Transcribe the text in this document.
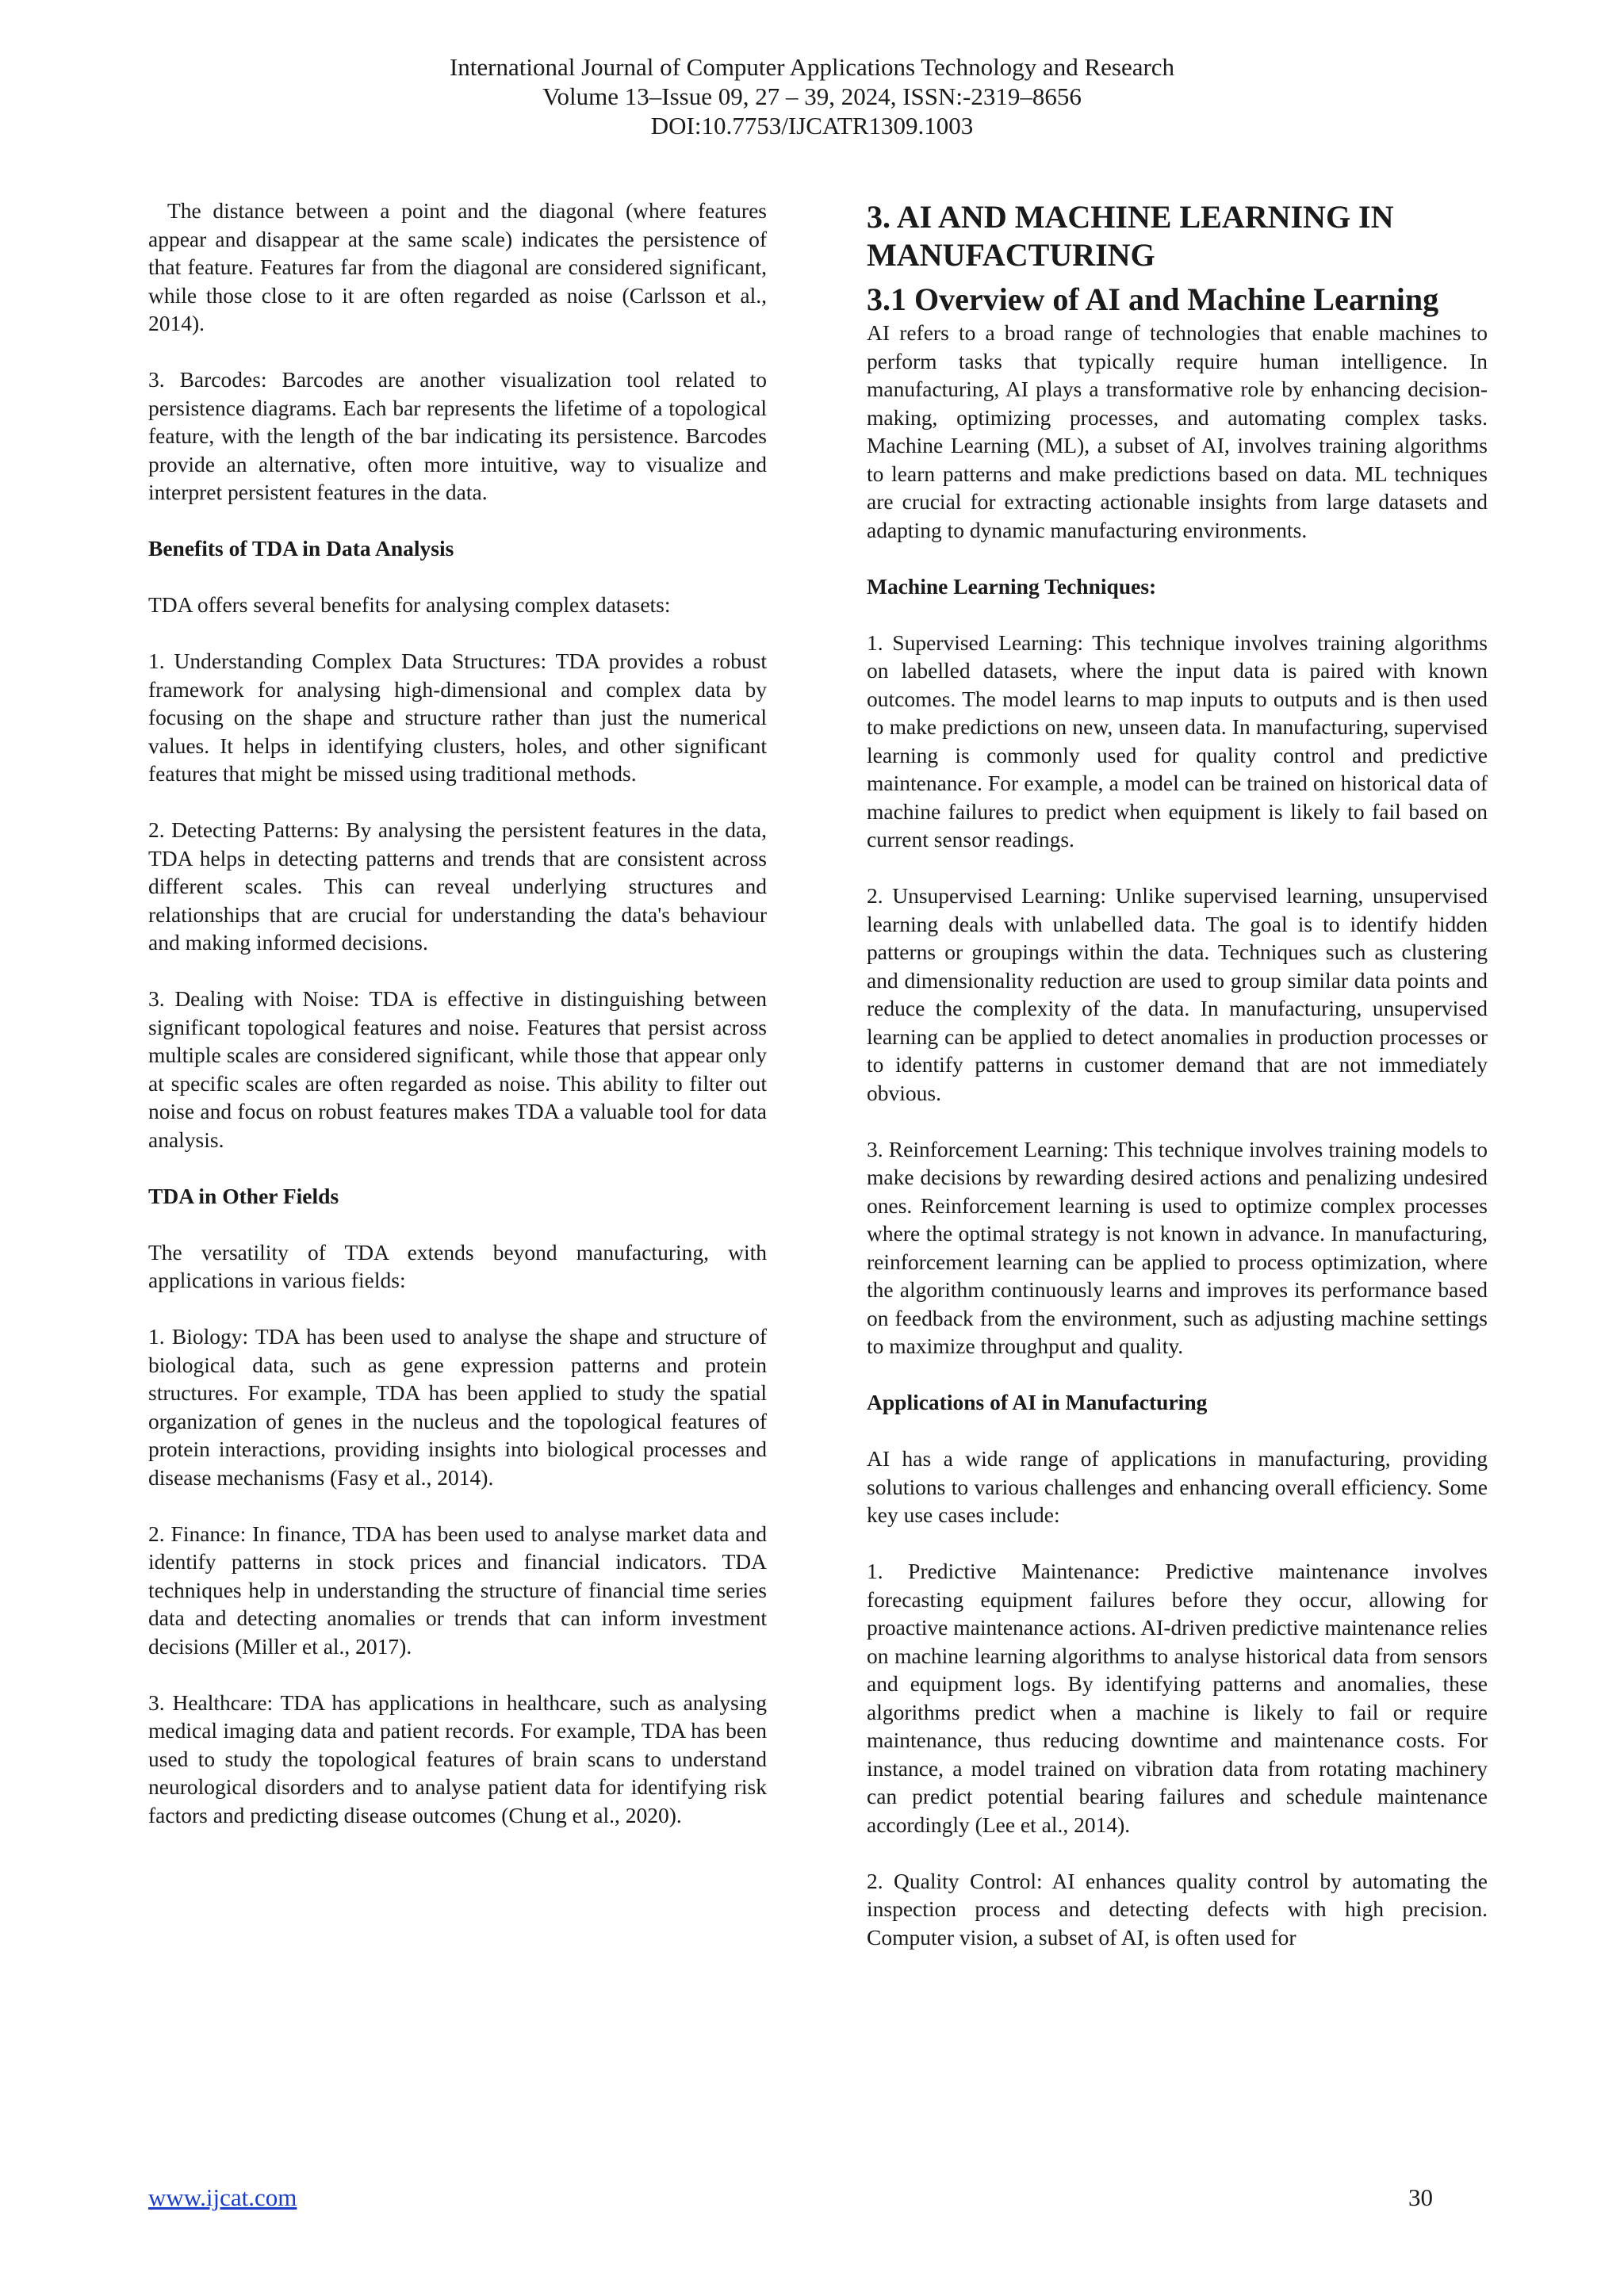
International Journal of Computer Applications Technology and Research
Volume 13–Issue 09, 27 – 39, 2024, ISSN:-2319–8656
DOI:10.7753/IJCATR1309.1003

The distance between a point and the diagonal (where features appear and disappear at the same scale) indicates the persistence of that feature. Features far from the diagonal are considered significant, while those close to it are often regarded as noise (Carlsson et al., 2014).

3. Barcodes: Barcodes are another visualization tool related to persistence diagrams. Each bar represents the lifetime of a topological feature, with the length of the bar indicating its persistence. Barcodes provide an alternative, often more intuitive, way to visualize and interpret persistent features in the data.

Benefits of TDA in Data Analysis

TDA offers several benefits for analysing complex datasets:

1. Understanding Complex Data Structures: TDA provides a robust framework for analysing high-dimensional and complex data by focusing on the shape and structure rather than just the numerical values. It helps in identifying clusters, holes, and other significant features that might be missed using traditional methods.

2. Detecting Patterns: By analysing the persistent features in the data, TDA helps in detecting patterns and trends that are consistent across different scales. This can reveal underlying structures and relationships that are crucial for understanding the data's behaviour and making informed decisions.

3. Dealing with Noise: TDA is effective in distinguishing between significant topological features and noise. Features that persist across multiple scales are considered significant, while those that appear only at specific scales are often regarded as noise. This ability to filter out noise and focus on robust features makes TDA a valuable tool for data analysis.

TDA in Other Fields

The versatility of TDA extends beyond manufacturing, with applications in various fields:

1. Biology: TDA has been used to analyse the shape and structure of biological data, such as gene expression patterns and protein structures. For example, TDA has been applied to study the spatial organization of genes in the nucleus and the topological features of protein interactions, providing insights into biological processes and disease mechanisms (Fasy et al., 2014).

2. Finance: In finance, TDA has been used to analyse market data and identify patterns in stock prices and financial indicators. TDA techniques help in understanding the structure of financial time series data and detecting anomalies or trends that can inform investment decisions (Miller et al., 2017).

3. Healthcare: TDA has applications in healthcare, such as analysing medical imaging data and patient records. For example, TDA has been used to study the topological features of brain scans to understand neurological disorders and to analyse patient data for identifying risk factors and predicting disease outcomes (Chung et al., 2020).

3. AI AND MACHINE LEARNING IN MANUFACTURING
3.1 Overview of AI and Machine Learning

AI refers to a broad range of technologies that enable machines to perform tasks that typically require human intelligence. In manufacturing, AI plays a transformative role by enhancing decision-making, optimizing processes, and automating complex tasks. Machine Learning (ML), a subset of AI, involves training algorithms to learn patterns and make predictions based on data. ML techniques are crucial for extracting actionable insights from large datasets and adapting to dynamic manufacturing environments.

Machine Learning Techniques:

1. Supervised Learning: This technique involves training algorithms on labelled datasets, where the input data is paired with known outcomes. The model learns to map inputs to outputs and is then used to make predictions on new, unseen data. In manufacturing, supervised learning is commonly used for quality control and predictive maintenance. For example, a model can be trained on historical data of machine failures to predict when equipment is likely to fail based on current sensor readings.

2. Unsupervised Learning: Unlike supervised learning, unsupervised learning deals with unlabelled data. The goal is to identify hidden patterns or groupings within the data. Techniques such as clustering and dimensionality reduction are used to group similar data points and reduce the complexity of the data. In manufacturing, unsupervised learning can be applied to detect anomalies in production processes or to identify patterns in customer demand that are not immediately obvious.

3. Reinforcement Learning: This technique involves training models to make decisions by rewarding desired actions and penalizing undesired ones. Reinforcement learning is used to optimize complex processes where the optimal strategy is not known in advance. In manufacturing, reinforcement learning can be applied to process optimization, where the algorithm continuously learns and improves its performance based on feedback from the environment, such as adjusting machine settings to maximize throughput and quality.

Applications of AI in Manufacturing

AI has a wide range of applications in manufacturing, providing solutions to various challenges and enhancing overall efficiency. Some key use cases include:

1. Predictive Maintenance: Predictive maintenance involves forecasting equipment failures before they occur, allowing for proactive maintenance actions. AI-driven predictive maintenance relies on machine learning algorithms to analyse historical data from sensors and equipment logs. By identifying patterns and anomalies, these algorithms predict when a machine is likely to fail or require maintenance, thus reducing downtime and maintenance costs. For instance, a model trained on vibration data from rotating machinery can predict potential bearing failures and schedule maintenance accordingly (Lee et al., 2014).

2. Quality Control: AI enhances quality control by automating the inspection process and detecting defects with high precision. Computer vision, a subset of AI, is often used for

www.ijcat.com	30
